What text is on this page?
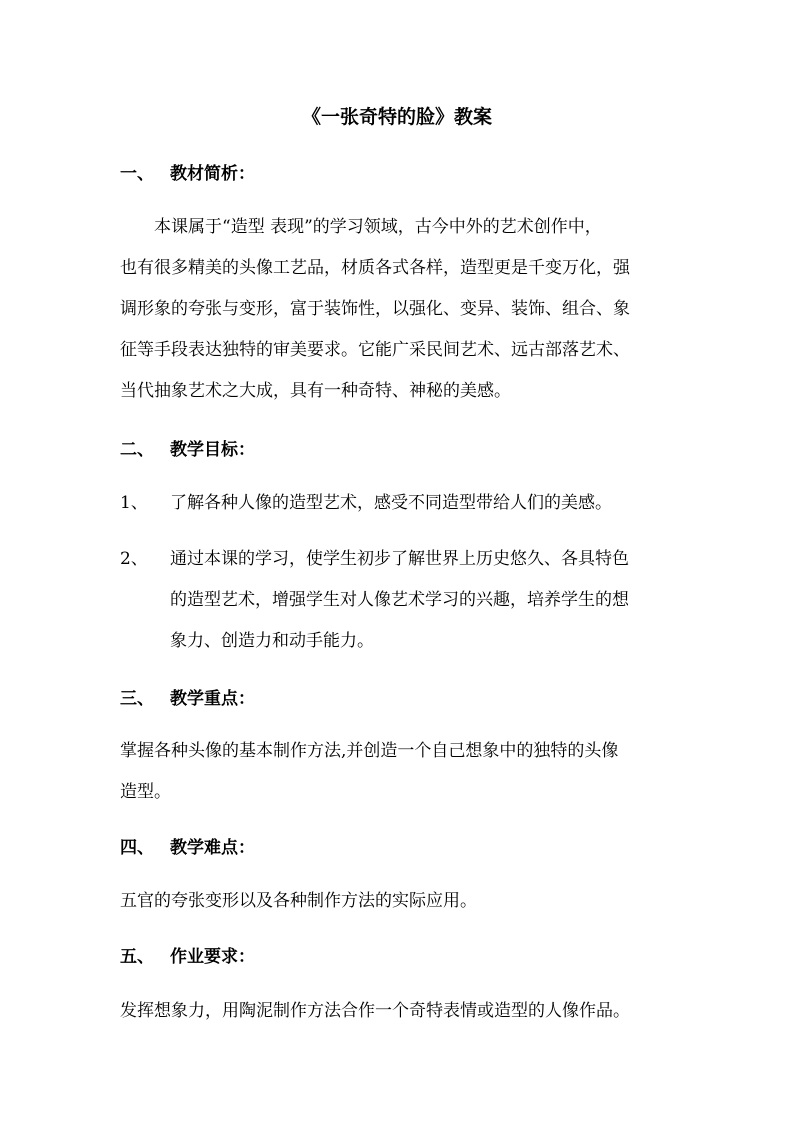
《一张奇特的脸》教案
一、 教材简析：
　　本课属于“造型 表现”的学习领域，古今中外的艺术创作中，
也有很多精美的头像工艺品，材质各式各样，造型更是千变万化，强
调形象的夸张与变形，富于装饰性，以强化、变异、装饰、组合、象
征等手段表达独特的审美要求。它能广采民间艺术、远古部落艺术、
当代抽象艺术之大成，具有一种奇特、神秘的美感。
二、 教学目标：
1、	了解各种人像的造型艺术，感受不同造型带给人们的美感。
2、	通过本课的学习，使学生初步了解世界上历史悠久、各具特色
的造型艺术，增强学生对人像艺术学习的兴趣，培养学生的想
象力、创造力和动手能力。
三、 教学重点：
掌握各种头像的基本制作方法,并创造一个自己想象中的独特的头像
造型。
四、 教学难点：
五官的夸张变形以及各种制作方法的实际应用。
五、 作业要求：
发挥想象力，用陶泥制作方法合作一个奇特表情或造型的人像作品。
